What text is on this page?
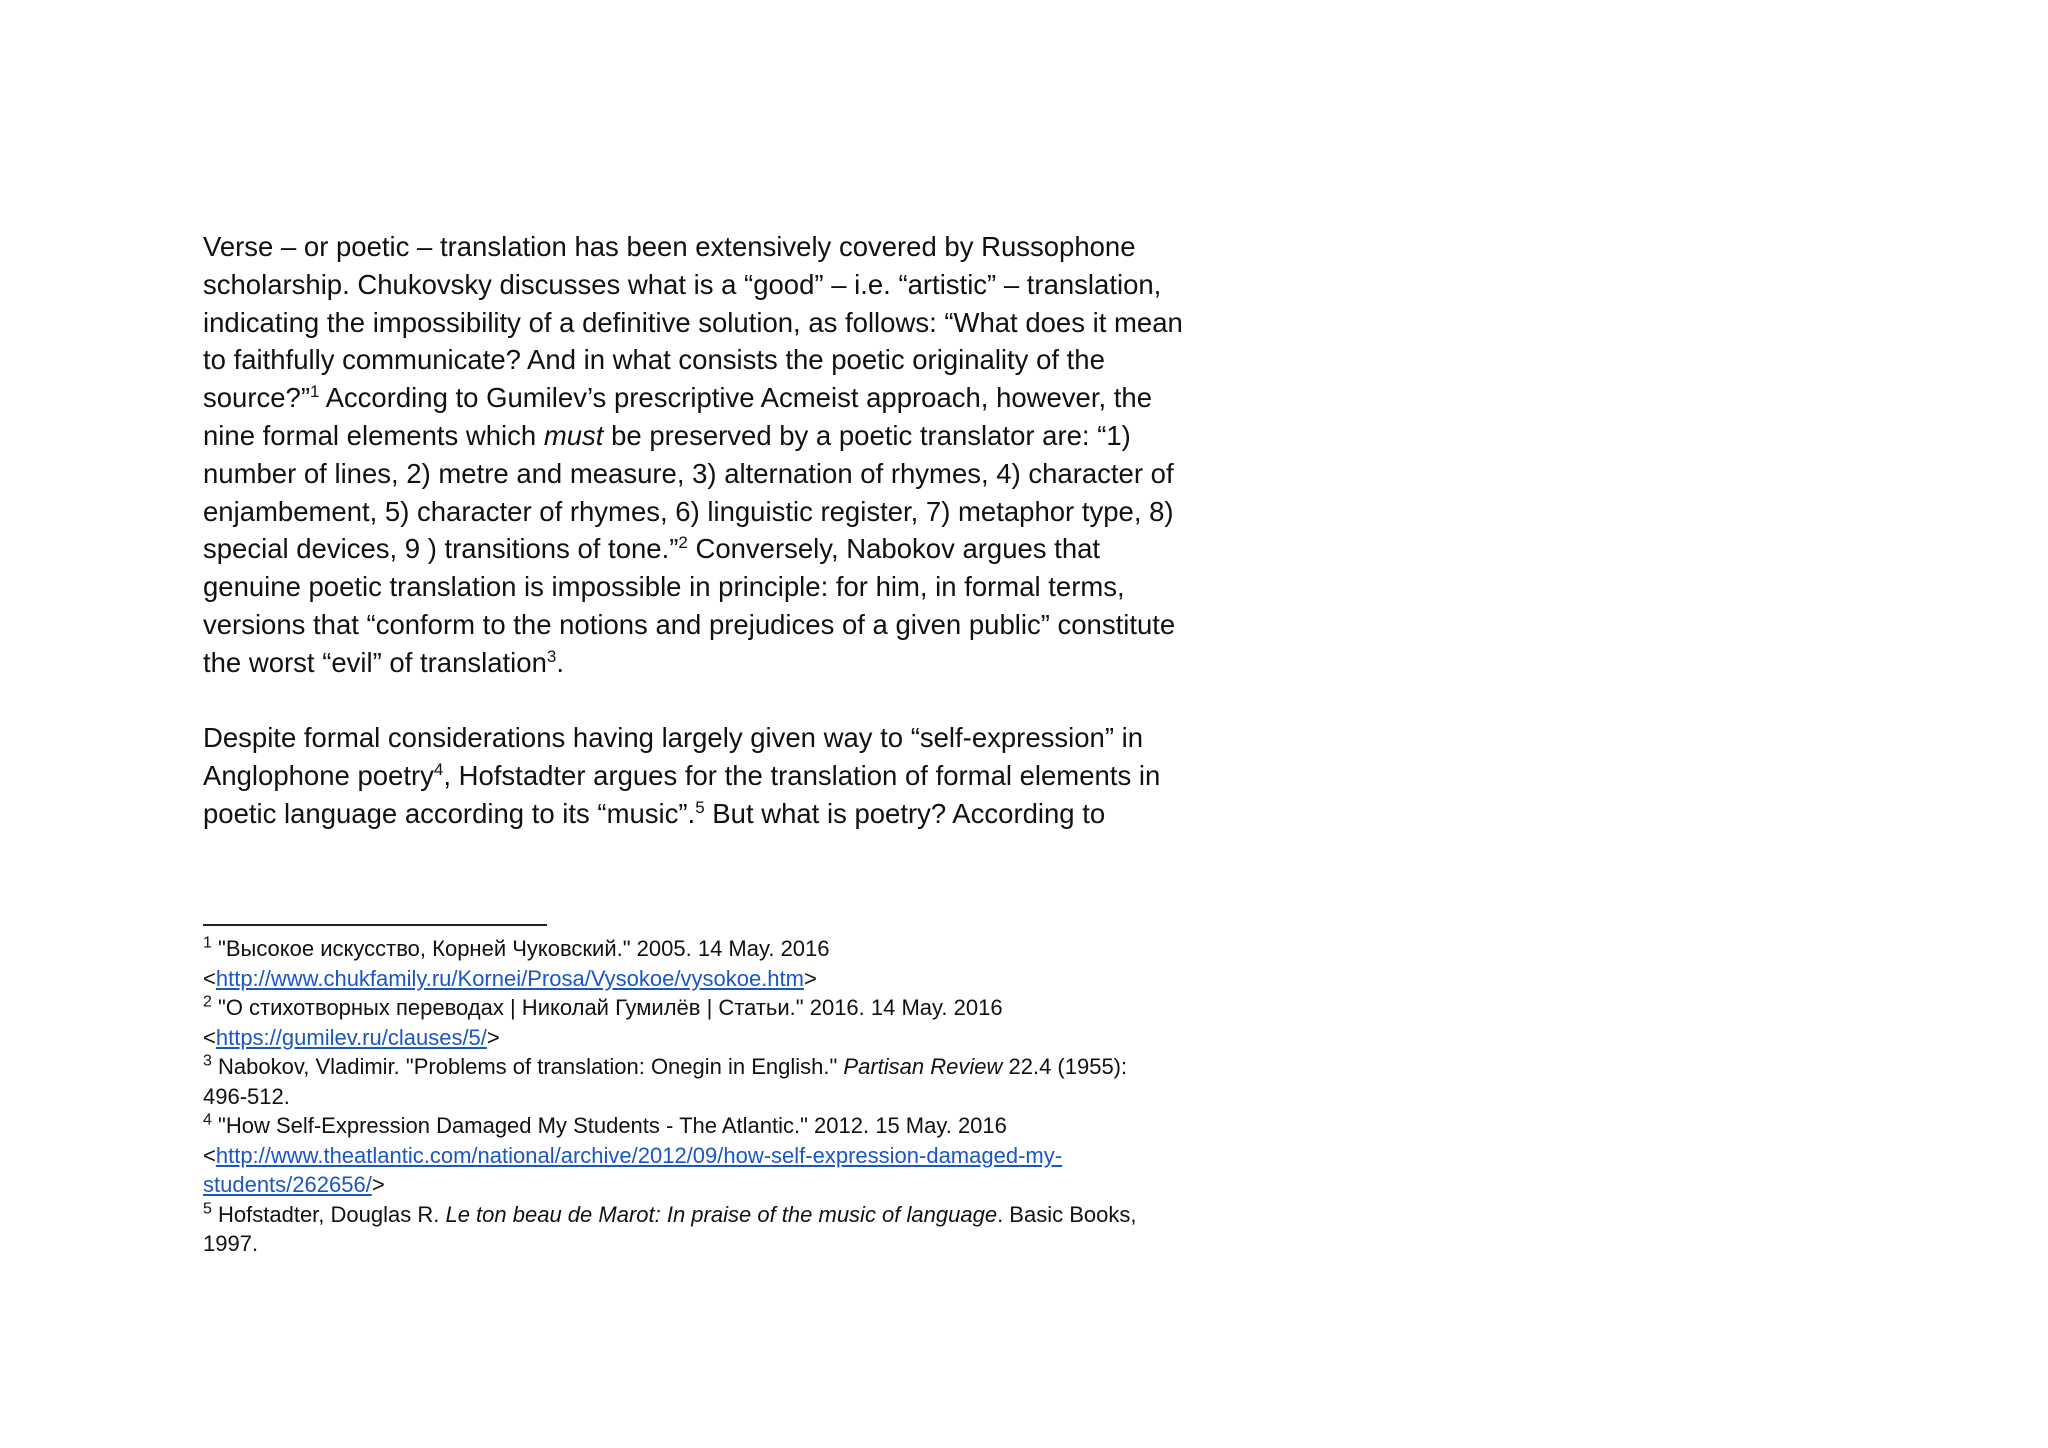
Verse – or poetic – translation has been extensively covered by Russophone

scholarship. Chukovsky discusses what is a “good” – i.e. “artistic” – translation,

indicating the impossibility of a definitive solution, as follows: “What does it mean

to faithfully communicate? And in what consists the poetic originality of the

source?”$^1$ According to Gumilev’s prescriptive Acmeist approach, however, the

nine formal elements which must be preserved by a poetic translator are: “1)

number of lines, 2) metre and measure, 3) alternation of rhymes, 4) character of

enjambement, 5) character of rhymes, 6) linguistic register, 7) metaphor type, 8)

special devices, 9 ) transitions of tone.”$^2$ Conversely, Nabokov argues that

genuine poetic translation is impossible in principle: for him, in formal terms,

versions that “conform to the notions and prejudices of a given public” constitute

the worst “evil” of translation$^3$.

Despite formal considerations having largely given way to “self-expression” in

Anglophone poetry$^4$, Hofstadter argues for the translation of formal elements in

poetic language according to its “music”.$^5$ But what is poetry? According to

$^1$ "Высокое искусство, Корней Чуковский." 2005. 14 May. 2016

<http://www.chukfamily.ru/Kornei/Prosa/Vysokoe/vysokoe.htm>

$^2$ "О стихотворных переводах | Николай Гумилёв | Статьи." 2016. 14 May. 2016

<https://gumilev.ru/clauses/5/>

$^3$ Nabokov, Vladimir. "Problems of translation: Onegin in English." Partisan Review 22.4 (1955):

496-512.

$^4$ "How Self-Expression Damaged My Students - The Atlantic." 2012. 15 May. 2016

<http://www.theatlantic.com/national/archive/2012/09/how-self-expression-damaged-my-

students/262656/>

$^5$ Hofstadter, Douglas R. Le ton beau de Marot: In praise of the music of language. Basic Books,

1997.
